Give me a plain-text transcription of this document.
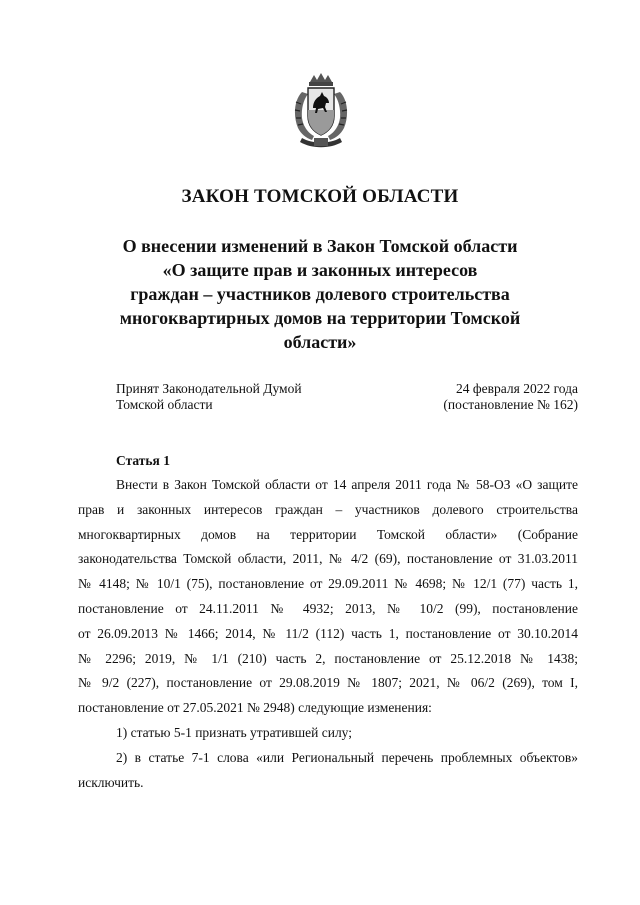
ЗАКОН ТОМСКОЙ ОБЛАСТИ
О внесении изменений в Закон Томской области
«О защите прав и законных интересов
граждан – участников долевого строительства
многоквартирных домов на территории Томской
области»
Принят Законодательной Думой
Томской области
24 февраля 2022 года
(постановление № 162)
Статья 1
Внести в Закон Томской области от 14 апреля 2011 года № 58-ОЗ «О защите
прав и законных интересов граждан – участников долевого строительства
многоквартирных домов на территории Томской области» (Собрание
законодательства Томской области, 2011, № 4/2 (69), постановление от 31.03.2011
№ 4148; № 10/1 (75), постановление от 29.09.2011 № 4698; № 12/1 (77) часть 1,
постановление от 24.11.2011 № 4932; 2013, № 10/2 (99), постановление
от 26.09.2013 № 1466; 2014, № 11/2 (112) часть 1, постановление от 30.10.2014
№ 2296; 2019, № 1/1 (210) часть 2, постановление от 25.12.2018 № 1438;
№ 9/2 (227), постановление от 29.08.2019 № 1807; 2021, № 06/2 (269), том I,
постановление от 27.05.2021 № 2948) следующие изменения:
1) статью 5-1 признать утратившей силу;
2) в статье 7-1 слова «или Региональный перечень проблемных объектов»
исключить.
